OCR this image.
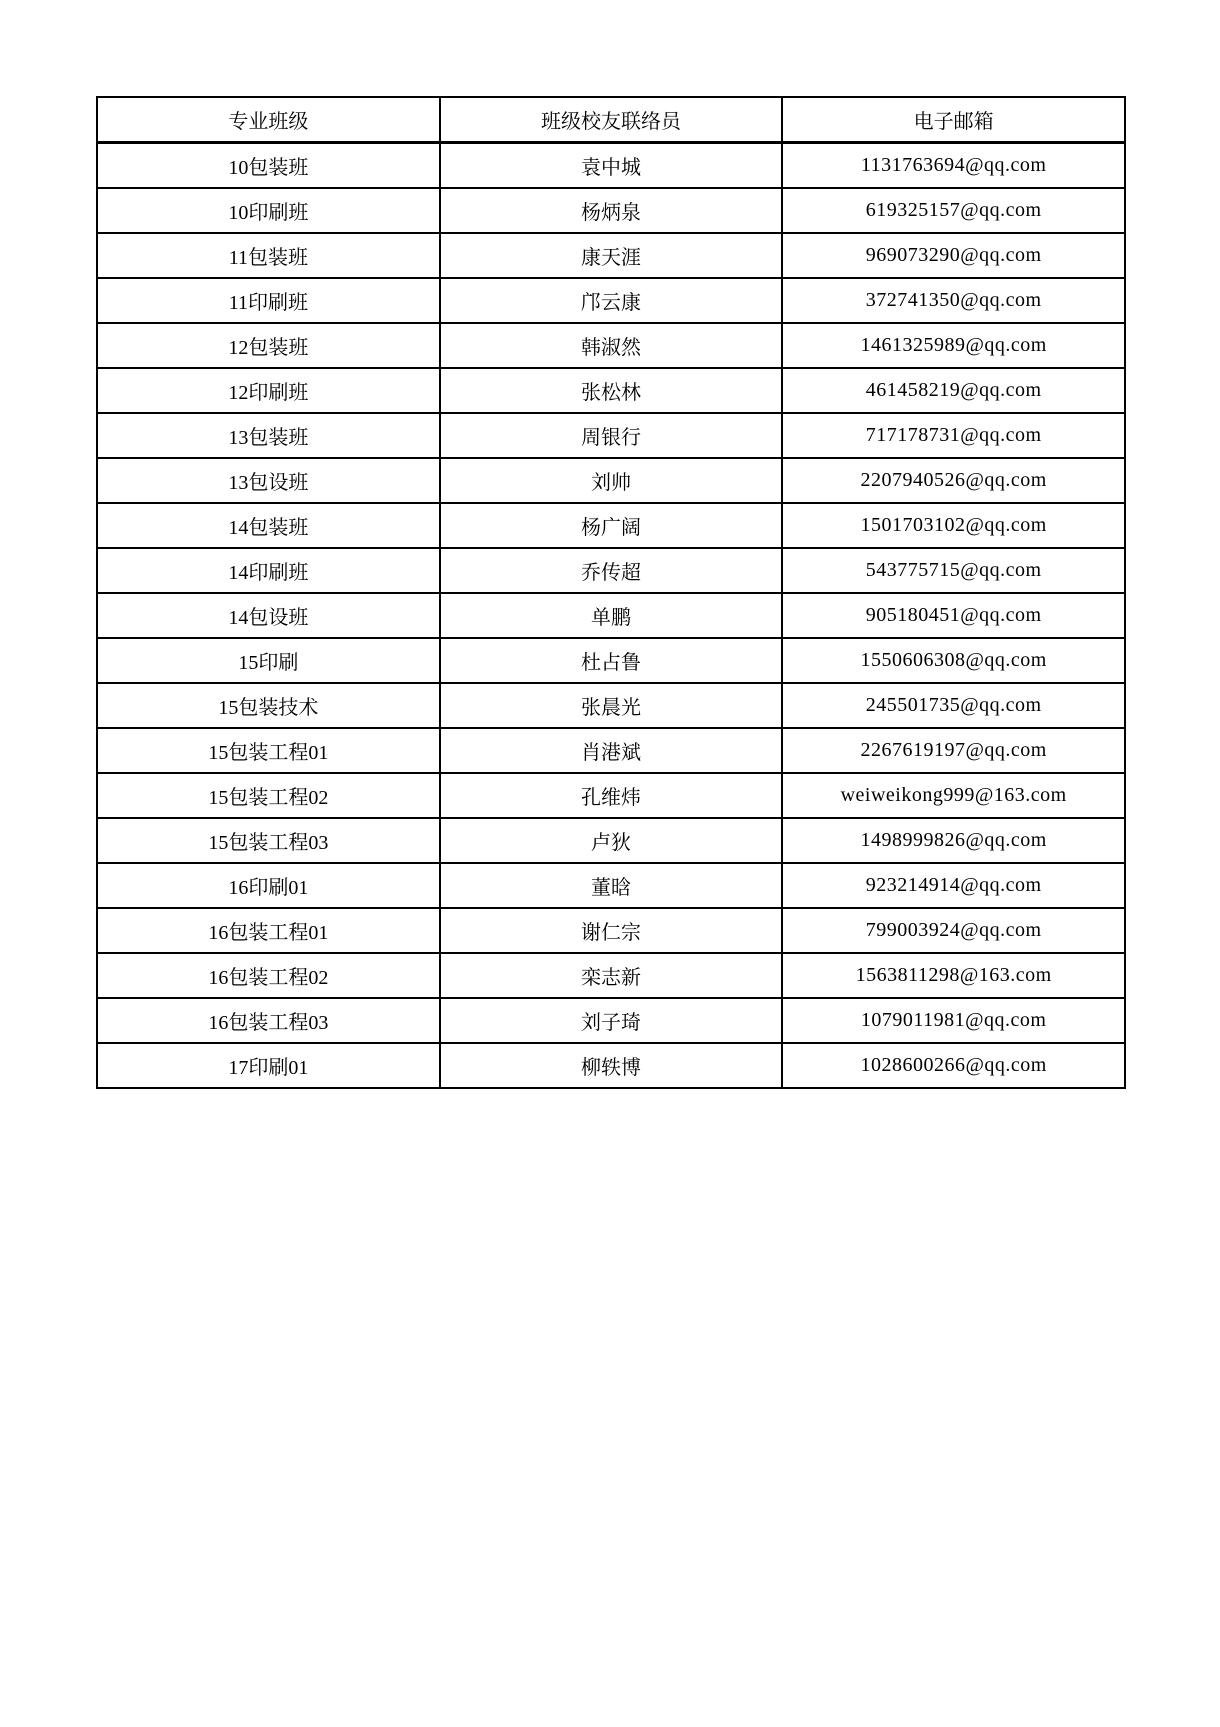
专业班级	班级校友联络员	电子邮箱
10包装班	袁中城	1131763694@qq.com
10印刷班	杨炳泉	619325157@qq.com
11包装班	康天涯	969073290@qq.com
11印刷班	邝云康	372741350@qq.com
12包装班	韩淑然	1461325989@qq.com
12印刷班	张松林	461458219@qq.com
13包装班	周银行	717178731@qq.com
13包设班	刘帅	2207940526@qq.com
14包装班	杨广阔	1501703102@qq.com
14印刷班	乔传超	543775715@qq.com
14包设班	单鹏	905180451@qq.com
15印刷	杜占鲁	1550606308@qq.com
15包装技术	张晨光	245501735@qq.com
15包装工程01	肖港斌	2267619197@qq.com
15包装工程02	孔维炜	weiweikong999@163.com
15包装工程03	卢狄	1498999826@qq.com
16印刷01	董晗	923214914@qq.com
16包装工程01	谢仁宗	799003924@qq.com
16包装工程02	栾志新	1563811298@163.com
16包装工程03	刘子琦	1079011981@qq.com
17印刷01	柳轶博	1028600266@qq.com
